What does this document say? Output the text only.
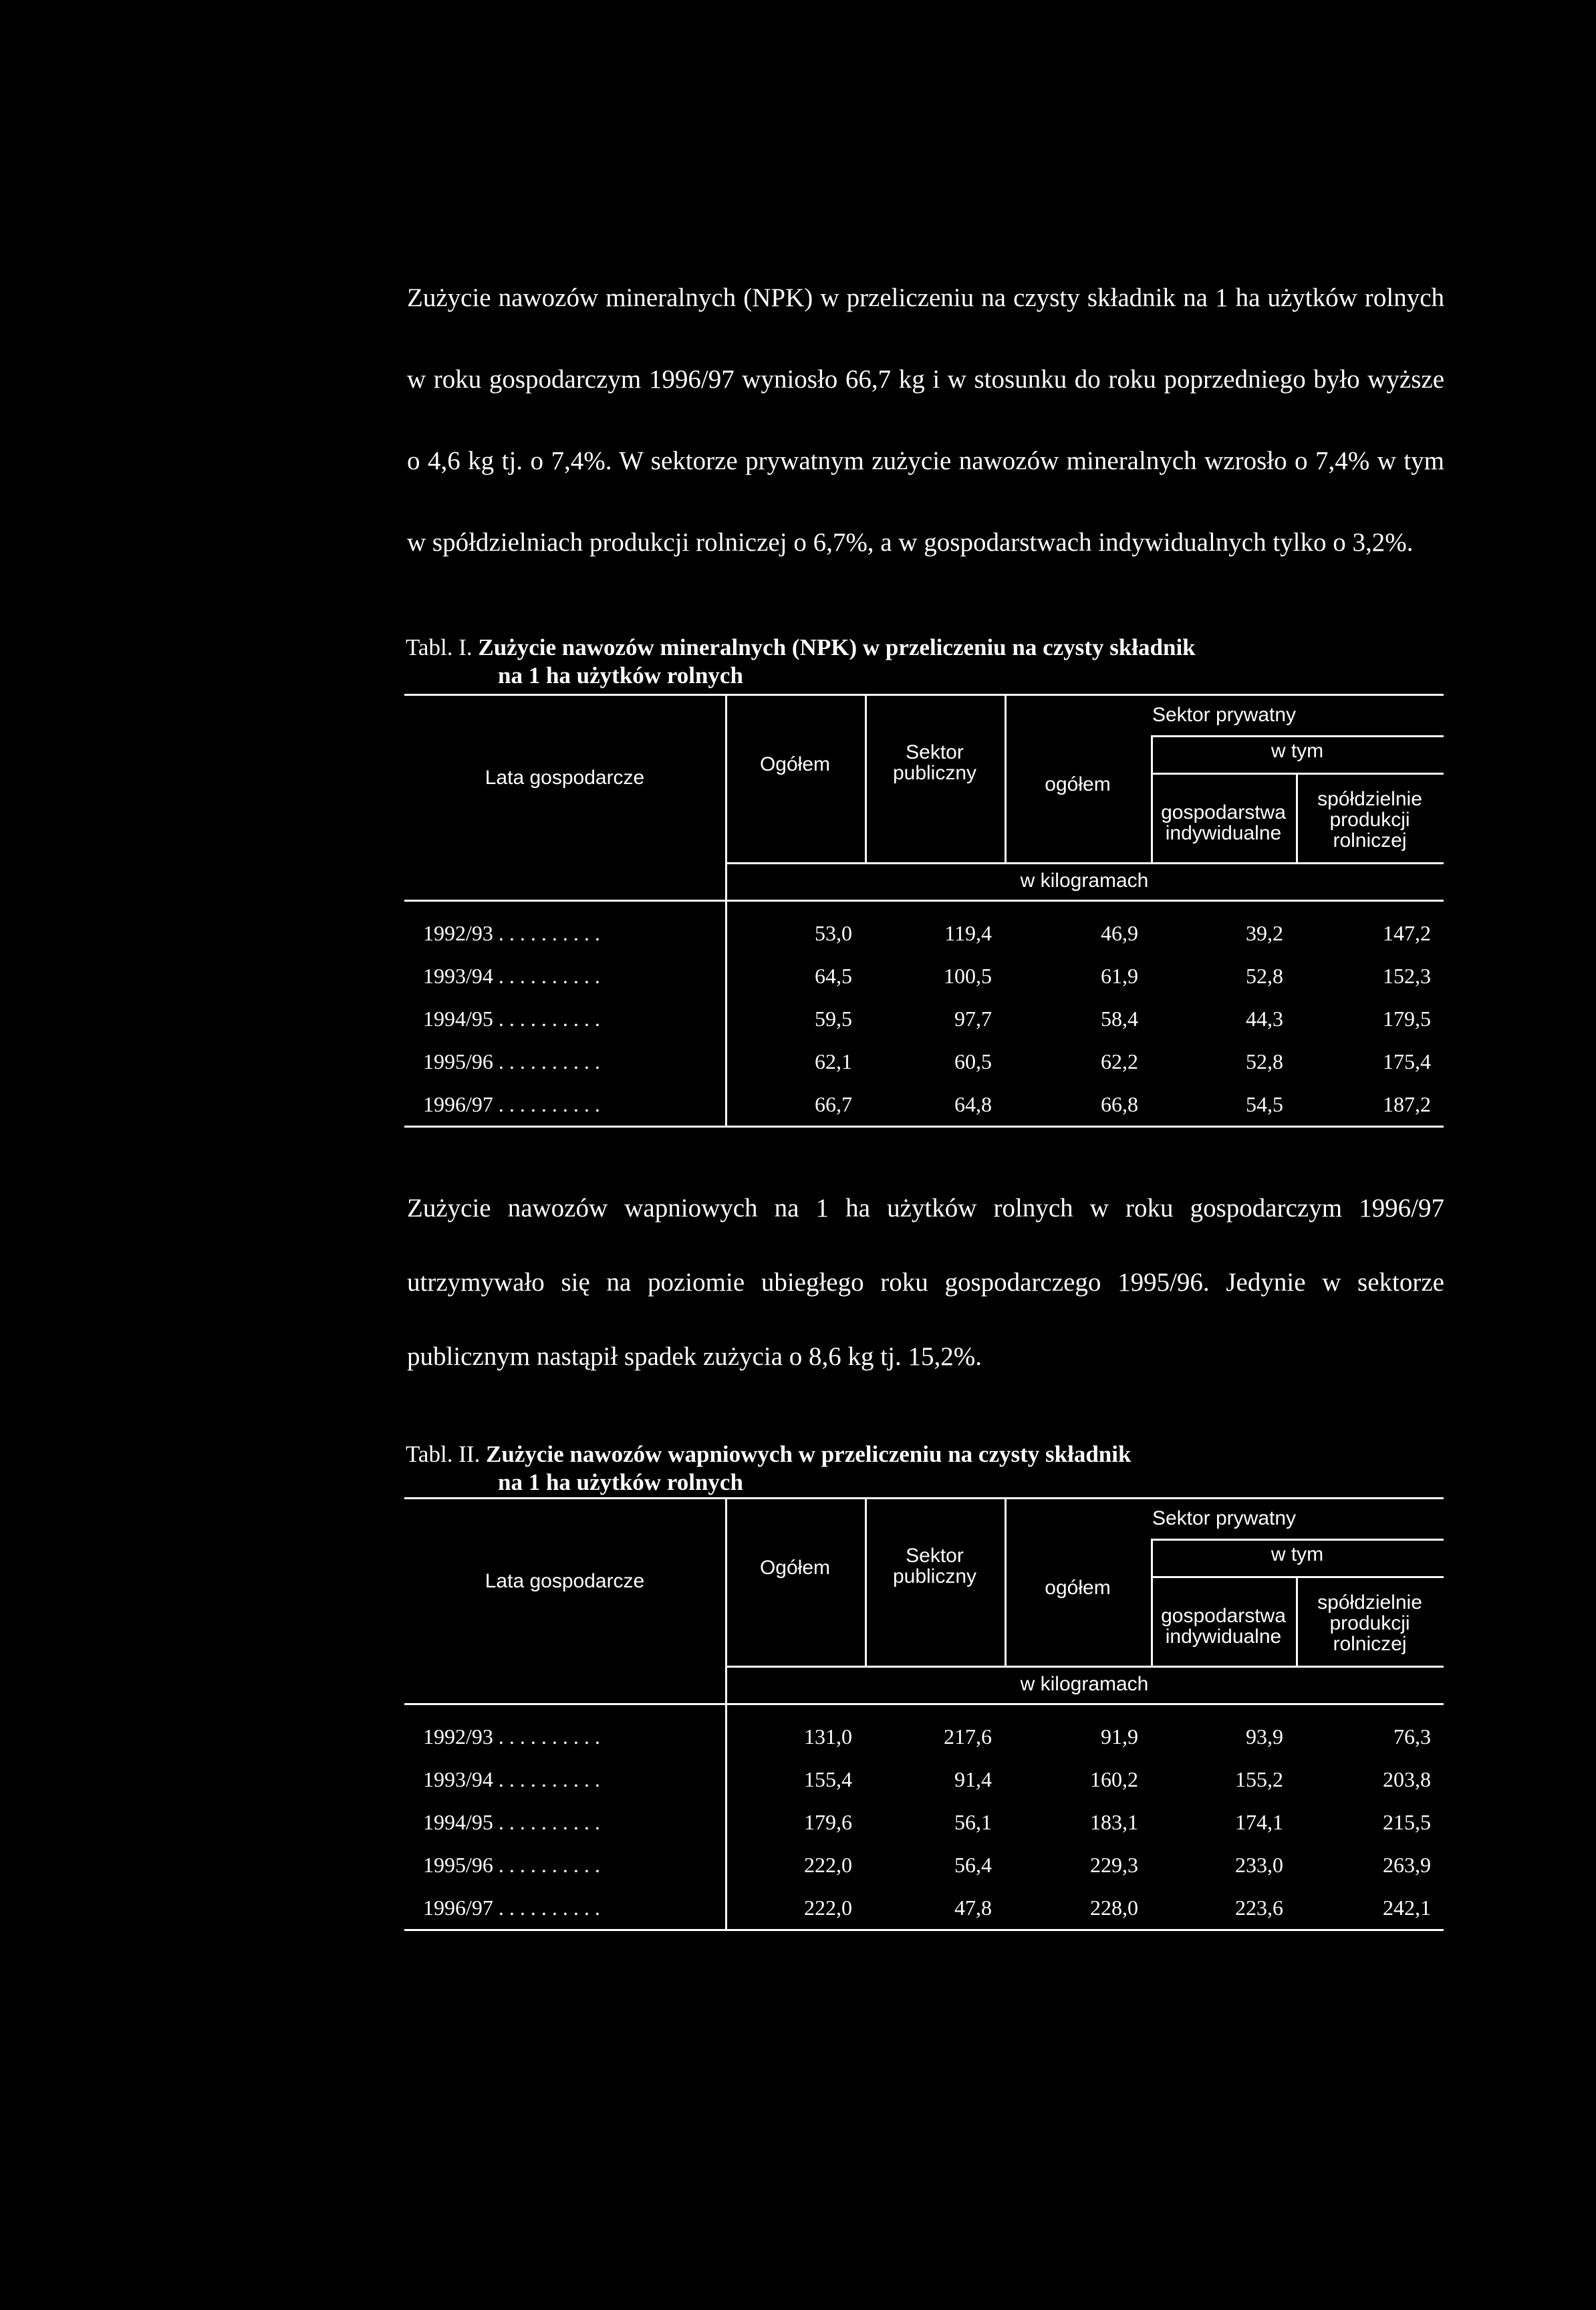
Zużycie nawozów mineralnych (NPK) w przeliczeniu na czysty składnik na 1 ha użytków rolnych w roku gospodarczym 1996/97 wyniosło 66,7 kg i w stosunku do roku poprzedniego było wyższe o 4,6 kg tj. o 7,4%. W sektorze prywatnym zużycie nawozów mineralnych wzrosło o 7,4% w tym w spółdzielniach produkcji rolniczej o 6,7%, a w gospodarstwach indywidualnych tylko o 3,2%.

Tabl. I. Zużycie nawozów mineralnych (NPK) w przeliczeniu na czysty składnik
na 1 ha użytków rolnych
Lata gospodarcze
Ogółem
Sektor publiczny
Sektor prywatny
ogółem
w tym
gospodarstwa indywidualne
spółdzielnie produkcji rolniczej
w kilogramach
1992/93 . . . . . . . . . .	53,0	119,4	46,9	39,2	147,2
1993/94 . . . . . . . . . .	64,5	100,5	61,9	52,8	152,3
1994/95 . . . . . . . . . .	59,5	97,7	58,4	44,3	179,5
1995/96 . . . . . . . . . .	62,1	60,5	62,2	52,8	175,4
1996/97 . . . . . . . . . .	66,7	64,8	66,8	54,5	187,2

Zużycie nawozów wapniowych na 1 ha użytków rolnych w roku gospodarczym 1996/97 utrzymywało się na poziomie ubiegłego roku gospodarczego 1995/96. Jedynie w sektorze publicznym nastąpił spadek zużycia o 8,6 kg tj. 15,2%.

Tabl. II. Zużycie nawozów wapniowych w przeliczeniu na czysty składnik
na 1 ha użytków rolnych
Lata gospodarcze
Ogółem
Sektor publiczny
Sektor prywatny
ogółem
w tym
gospodarstwa indywidualne
spółdzielnie produkcji rolniczej
w kilogramach
1992/93 . . . . . . . . . .	131,0	217,6	91,9	93,9	76,3
1993/94 . . . . . . . . . .	155,4	91,4	160,2	155,2	203,8
1994/95 . . . . . . . . . .	179,6	56,1	183,1	174,1	215,5
1995/96 . . . . . . . . . .	222,0	56,4	229,3	233,0	263,9
1996/97 . . . . . . . . . .	222,0	47,8	228,0	223,6	242,1
